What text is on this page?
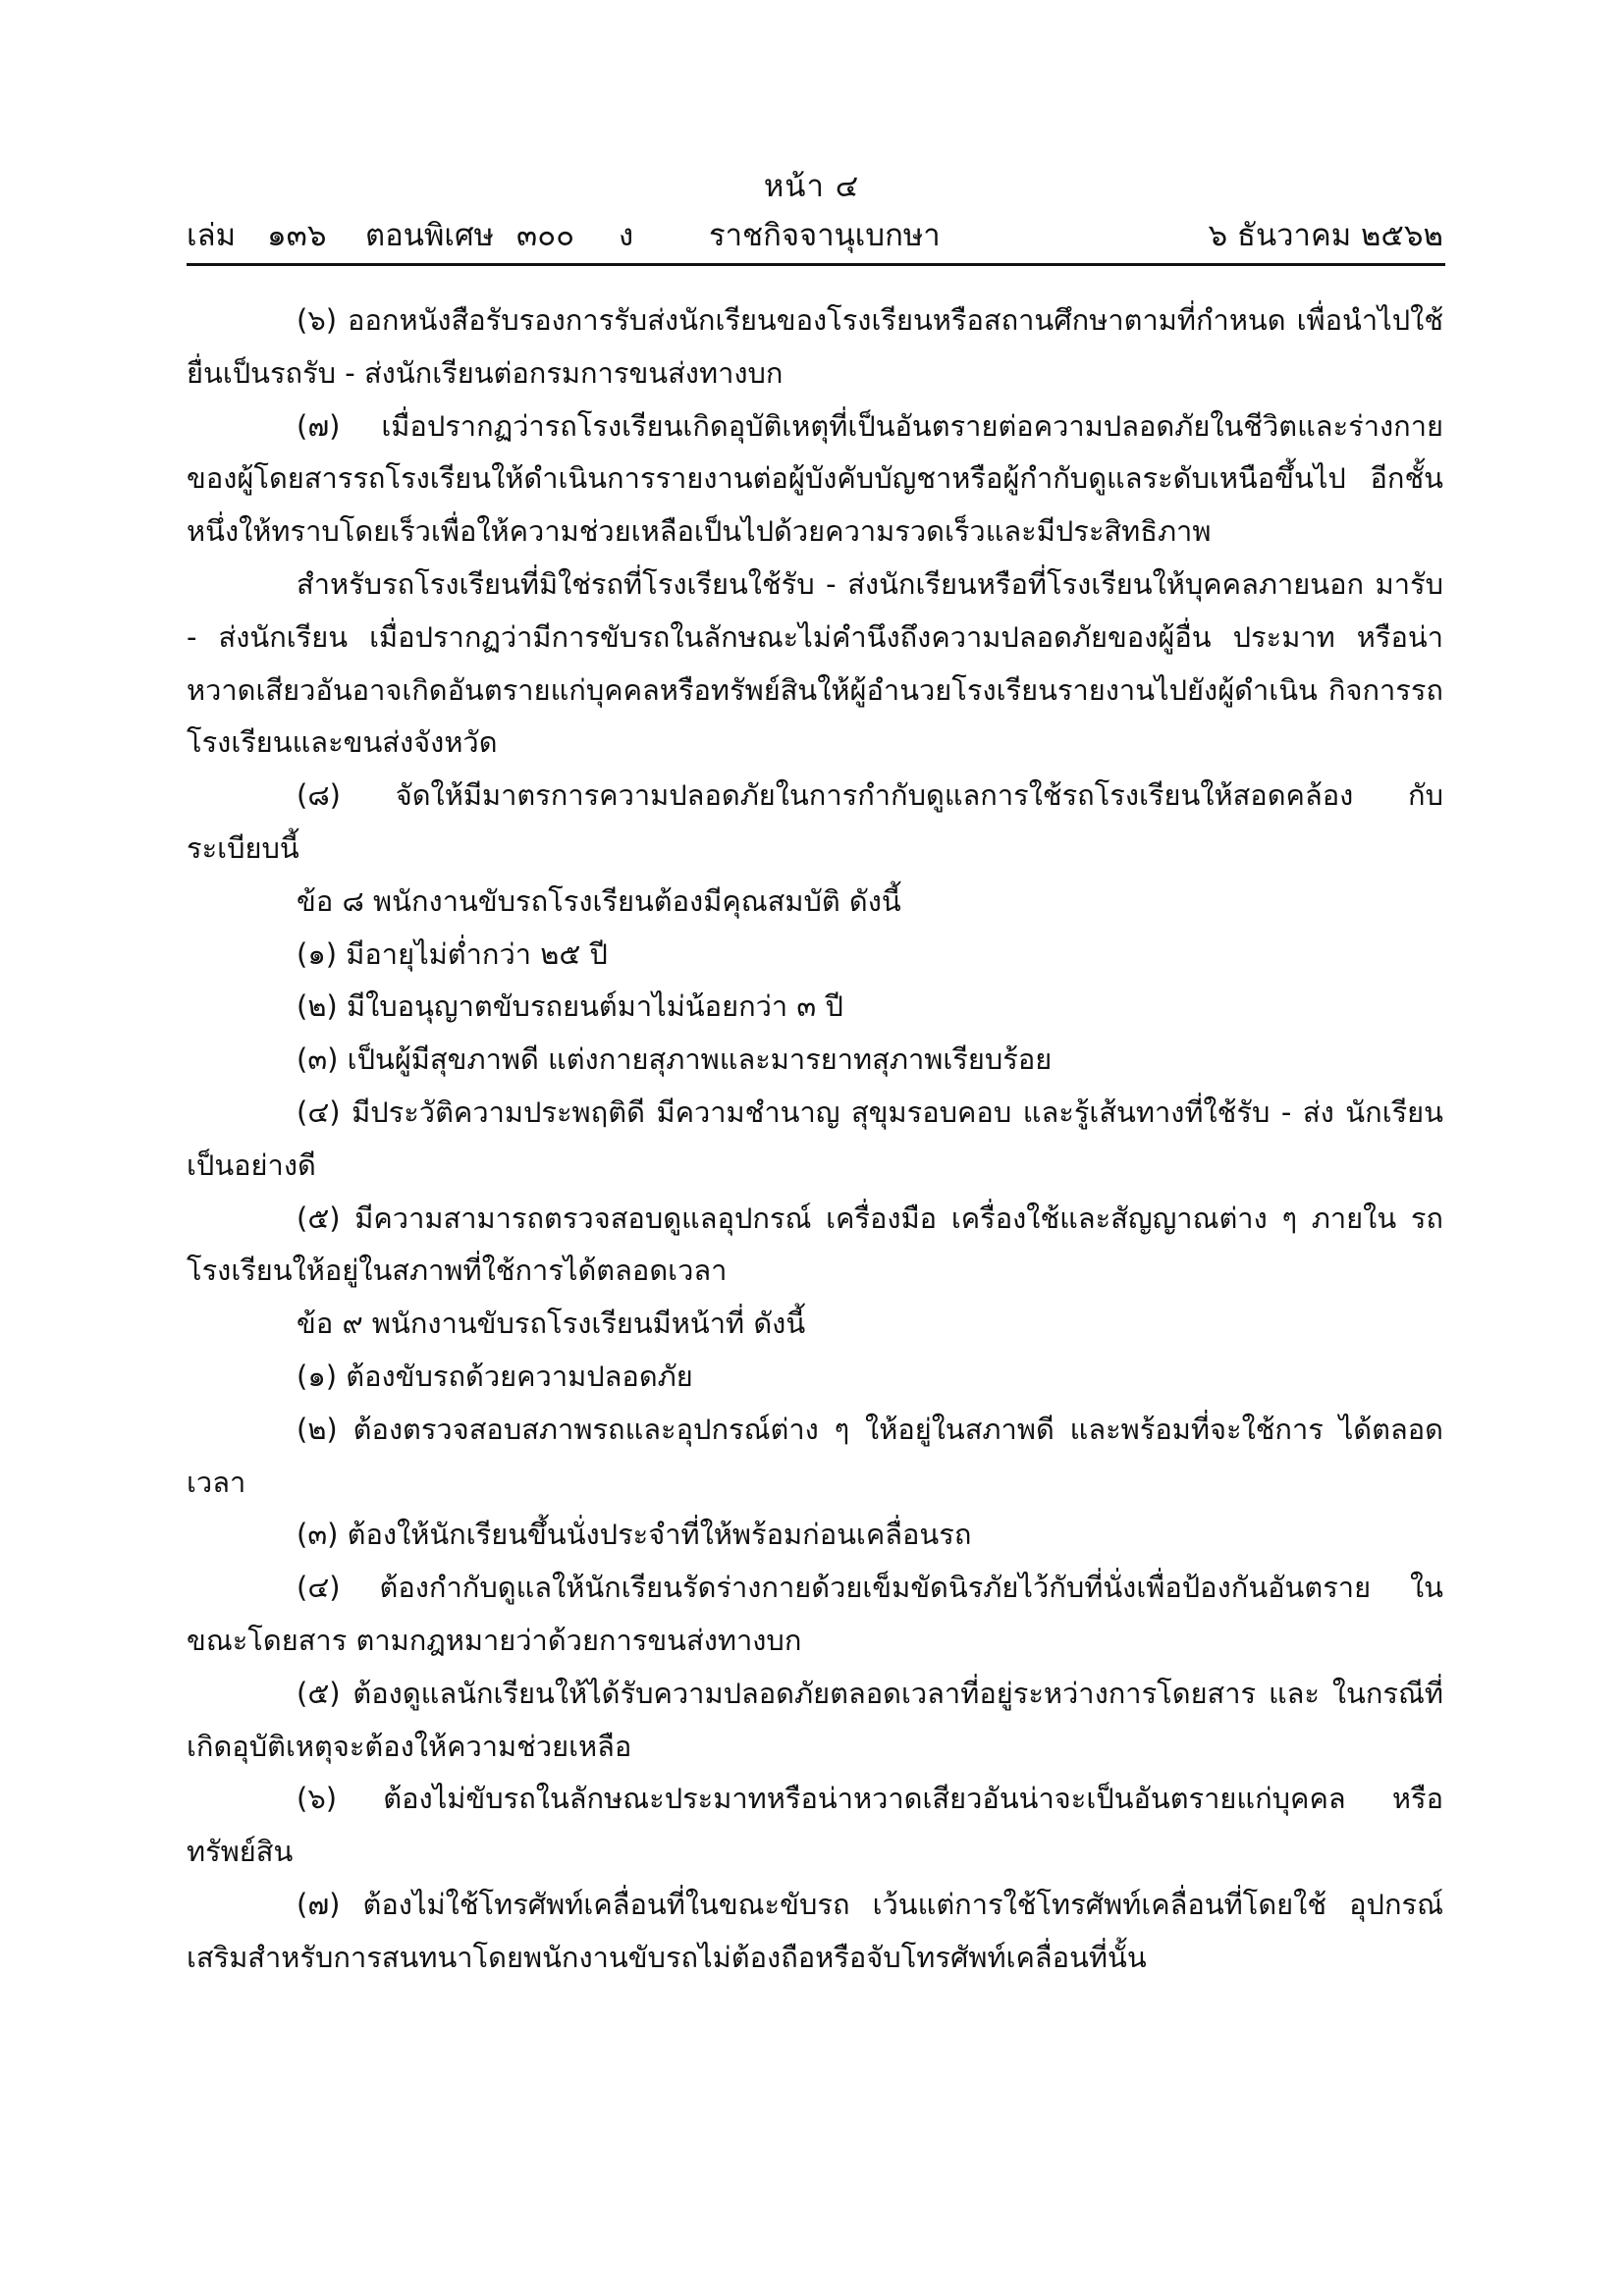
หน้า ๔
เล่ม ๑๓๖ ตอนพิเศษ ๓๐๐ ง ราชกิจจานุเบกษา	๖ ธันวาคม ๒๕๖๒

(๖) ออกหนังสือรับรองการรับส่งนักเรียนของโรงเรียนหรือสถานศึกษาตามที่กำหนด เพื่อนำไปใช้ยื่นเป็นรถรับ - ส่งนักเรียนต่อกรมการขนส่งทางบก

(๗) เมื่อปรากฏว่ารถโรงเรียนเกิดอุบัติเหตุที่เป็นอันตรายต่อความปลอดภัยในชีวิตและร่างกาย ของผู้โดยสารรถโรงเรียนให้ดำเนินการรายงานต่อผู้บังคับบัญชาหรือผู้กำกับดูแลระดับเหนือขึ้นไป อีกชั้นหนึ่งให้ทราบโดยเร็วเพื่อให้ความช่วยเหลือเป็นไปด้วยความรวดเร็วและมีประสิทธิภาพ

สำหรับรถโรงเรียนที่มิใช่รถที่โรงเรียนใช้รับ - ส่งนักเรียนหรือที่โรงเรียนให้บุคคลภายนอก มารับ - ส่งนักเรียน เมื่อปรากฏว่ามีการขับรถในลักษณะไม่คำนึงถึงความปลอดภัยของผู้อื่น ประมาท หรือน่าหวาดเสียวอันอาจเกิดอันตรายแก่บุคคลหรือทรัพย์สินให้ผู้อำนวยโรงเรียนรายงานไปยังผู้ดำเนิน กิจการรถโรงเรียนและขนส่งจังหวัด

(๘) จัดให้มีมาตรการความปลอดภัยในการกำกับดูแลการใช้รถโรงเรียนให้สอดคล้อง กับระเบียบนี้

ข้อ ๘ พนักงานขับรถโรงเรียนต้องมีคุณสมบัติ ดังนี้

(๑) มีอายุไม่ต่ำกว่า ๒๕ ปี

(๒) มีใบอนุญาตขับรถยนต์มาไม่น้อยกว่า ๓ ปี

(๓) เป็นผู้มีสุขภาพดี แต่งกายสุภาพและมารยาทสุภาพเรียบร้อย

(๔) มีประวัติความประพฤติดี มีความชำนาญ สุขุมรอบคอบ และรู้เส้นทางที่ใช้รับ - ส่ง นักเรียนเป็นอย่างดี

(๕) มีความสามารถตรวจสอบดูแลอุปกรณ์ เครื่องมือ เครื่องใช้และสัญญาณต่าง ๆ ภายใน รถโรงเรียนให้อยู่ในสภาพที่ใช้การได้ตลอดเวลา

ข้อ ๙ พนักงานขับรถโรงเรียนมีหน้าที่ ดังนี้

(๑) ต้องขับรถด้วยความปลอดภัย

(๒) ต้องตรวจสอบสภาพรถและอุปกรณ์ต่าง ๆ ให้อยู่ในสภาพดี และพร้อมที่จะใช้การ ได้ตลอดเวลา

(๓) ต้องให้นักเรียนขึ้นนั่งประจำที่ให้พร้อมก่อนเคลื่อนรถ

(๔) ต้องกำกับดูแลให้นักเรียนรัดร่างกายด้วยเข็มขัดนิรภัยไว้กับที่นั่งเพื่อป้องกันอันตราย ในขณะโดยสาร ตามกฎหมายว่าด้วยการขนส่งทางบก

(๕) ต้องดูแลนักเรียนให้ได้รับความปลอดภัยตลอดเวลาที่อยู่ระหว่างการโดยสาร และ ในกรณีที่เกิดอุบัติเหตุจะต้องให้ความช่วยเหลือ

(๖) ต้องไม่ขับรถในลักษณะประมาทหรือน่าหวาดเสียวอันน่าจะเป็นอันตรายแก่บุคคล หรือ ทรัพย์สิน

(๗) ต้องไม่ใช้โทรศัพท์เคลื่อนที่ในขณะขับรถ เว้นแต่การใช้โทรศัพท์เคลื่อนที่โดยใช้ อุปกรณ์เสริมสำหรับการสนทนาโดยพนักงานขับรถไม่ต้องถือหรือจับโทรศัพท์เคลื่อนที่นั้น
